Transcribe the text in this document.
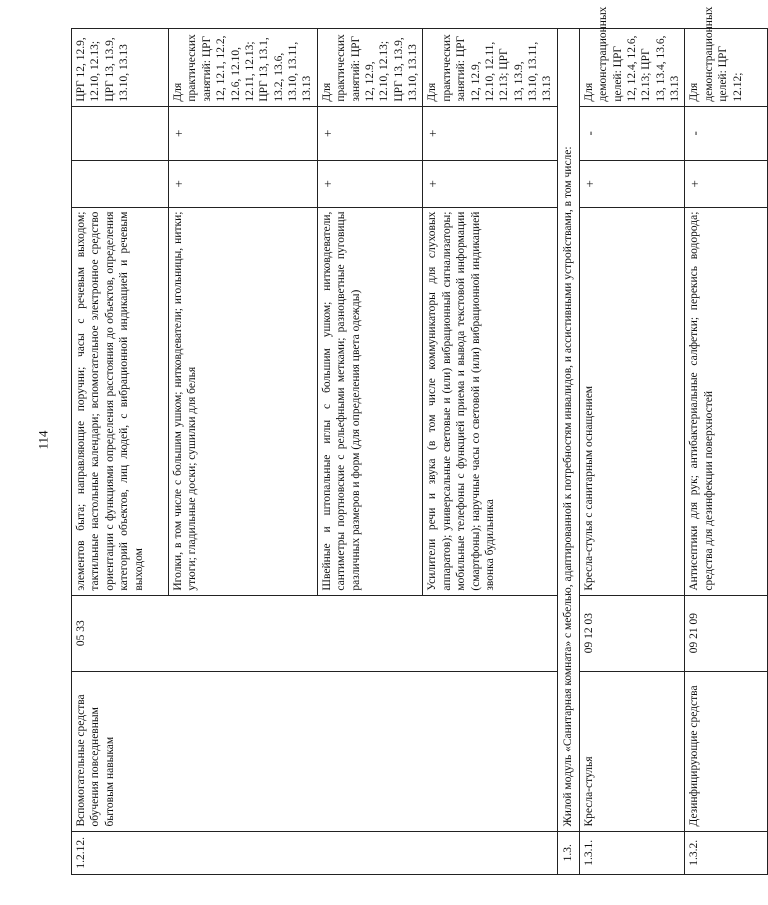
114
1.2.12.	Вспомогательные средства обучения повседневным бытовым навыкам	05 33	элементов быта; направляющие поручни; часы с речевым выходом; тактильные настольные календари; вспомогательное электронное средство ориентации с функциями определения расстояния до объектов, определения категорий объектов, лиц людей, с вибрационной индикацией и речевым выходом			ЦРГ 12, 12.9, 12.10, 12.13; ЦРГ 13, 13.9, 13.10, 13.13
			Иголки, в том числе с большим ушком; нитковдеватели; игольницы, нитки; утюги; гладильные доски; сушилки для белья	+	+	Для практических занятий: ЦРГ 12, 12.1, 12.2, 12.6, 12.10, 12.11, 12.13; ЦРГ 13, 13.1, 13.2, 13.6, 13.10, 13.11, 13.13
			Швейные и штопальные иглы с большим ушком; нитковдеватели, сантиметры портновские с рельефными метками; разноцветные пуговицы различных размеров и форм (для определения цвета одежды)	+	+	Для практических занятий: ЦРГ 12, 12.9, 12.10, 12.13; ЦРГ 13, 13.9, 13.10, 13.13
			Усилители речи и звука (в том числе коммуникаторы для слуховых аппаратов); универсальные световые и (или) вибрационный сигнализаторы; мобильные телефоны с функцией приема и вывода текстовой информации (смартфоны); наручные часы со световой и (или) вибрационной индикацией звонка будильника	+	+	Для практических занятий: ЦРГ 12, 12.9, 12.10, 12.11, 12.13; ЦРГ 13, 13.9, 13.10, 13.11, 13.13
1.3.	Жилой модуль «Санитарная комната» с мебелью, адаптированной к потребностям инвалидов, и ассистивными устройствами, в том числе:					
1.3.1.	Кресла-стулья	09 12 03	Кресла-стулья с санитарным оснащением	+	-	Для демонстрационных целей: ЦРГ 12, 12.4, 12.6, 12.13; ЦРГ 13, 13.4, 13.6, 13.13
1.3.2.	Дезинфицирующие средства	09 21 09	Антисептики для рук; антибактериальные салфетки; перекись водорода; средства для дезинфекции поверхностей	+	-	Для демонстрационных целей: ЦРГ 12.12;
